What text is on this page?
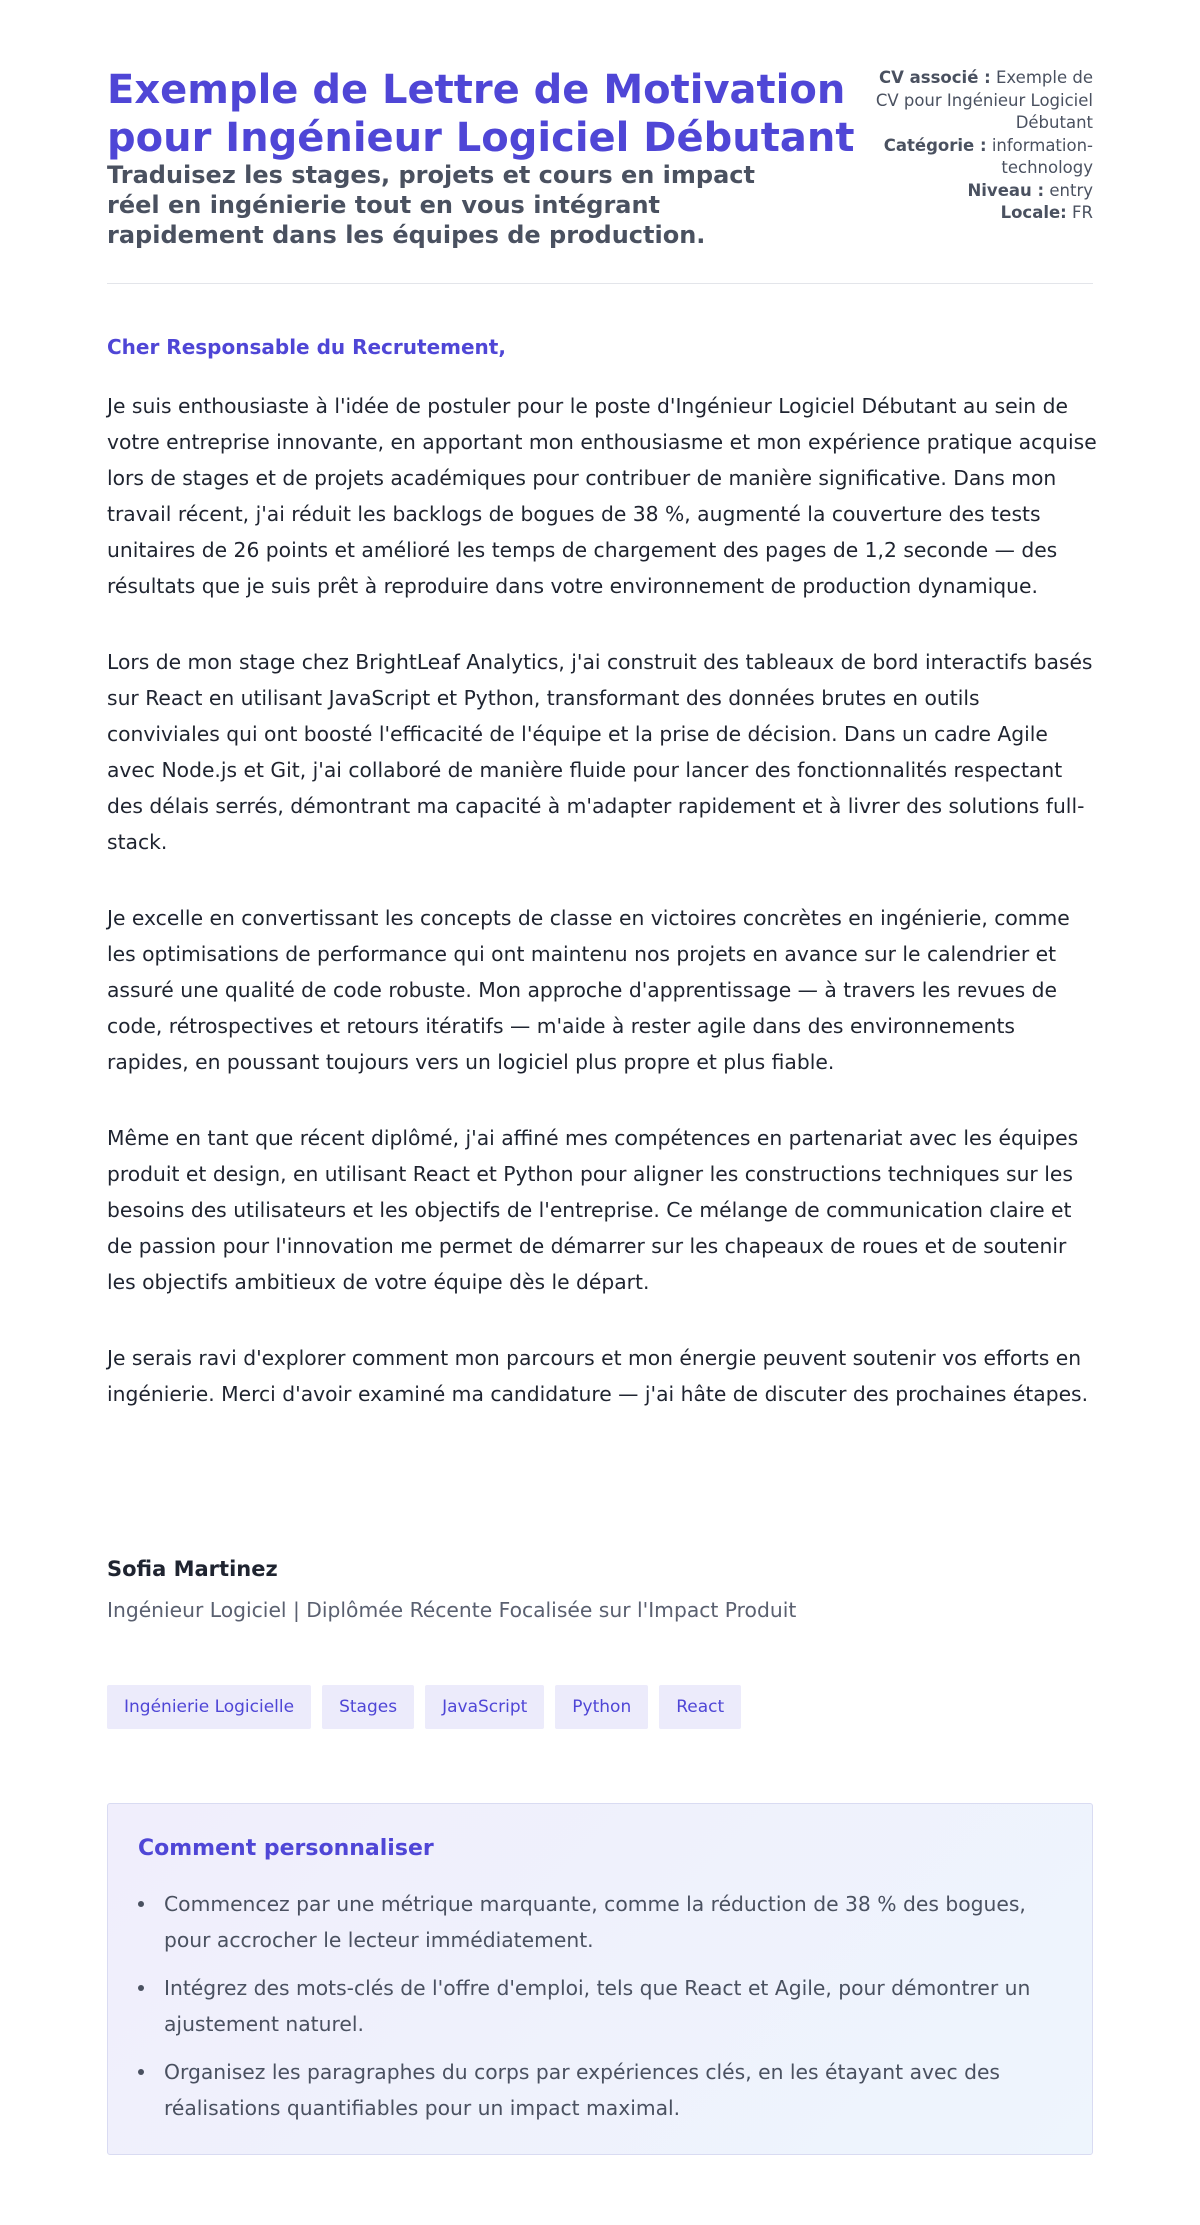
Exemple de Lettre de Motivation pour Ingénieur Logiciel Débutant
Traduisez les stages, projets et cours en impact réel en ingénierie tout en vous intégrant rapidement dans les équipes de production.

CV associé : Exemple de CV pour Ingénieur Logiciel Débutant

Catégorie : information-technology

Niveau : entry

Locale: FR

Cher Responsable du Recrutement,

Je suis enthousiaste à l'idée de postuler pour le poste d'Ingénieur Logiciel Débutant au sein de votre entreprise innovante, en apportant mon enthousiasme et mon expérience pratique acquise lors de stages et de projets académiques pour contribuer de manière significative. Dans mon travail récent, j'ai réduit les backlogs de bogues de 38 %, augmenté la couverture des tests unitaires de 26 points et amélioré les temps de chargement des pages de 1,2 seconde — des résultats que je suis prêt à reproduire dans votre environnement de production dynamique.

Lors de mon stage chez BrightLeaf Analytics, j'ai construit des tableaux de bord interactifs basés sur React en utilisant JavaScript et Python, transformant des données brutes en outils conviviales qui ont boosté l'efficacité de l'équipe et la prise de décision. Dans un cadre Agile avec Node.js et Git, j'ai collaboré de manière fluide pour lancer des fonctionnalités respectant des délais serrés, démontrant ma capacité à m'adapter rapidement et à livrer des solutions full-stack.

Je excelle en convertissant les concepts de classe en victoires concrètes en ingénierie, comme les optimisations de performance qui ont maintenu nos projets en avance sur le calendrier et assuré une qualité de code robuste. Mon approche d'apprentissage — à travers les revues de code, rétrospectives et retours itératifs — m'aide à rester agile dans des environnements rapides, en poussant toujours vers un logiciel plus propre et plus fiable.

Même en tant que récent diplômé, j'ai affiné mes compétences en partenariat avec les équipes produit et design, en utilisant React et Python pour aligner les constructions techniques sur les besoins des utilisateurs et les objectifs de l'entreprise. Ce mélange de communication claire et de passion pour l'innovation me permet de démarrer sur les chapeaux de roues et de soutenir les objectifs ambitieux de votre équipe dès le départ.

Je serais ravi d'explorer comment mon parcours et mon énergie peuvent soutenir vos efforts en ingénierie. Merci d'avoir examiné ma candidature — j'ai hâte de discuter des prochaines étapes.

Sofia Martinez

Ingénieur Logiciel | Diplômée Récente Focalisée sur l'Impact Produit

Ingénierie Logicielle	Stages	JavaScript	Python	React
Comment personnaliser
Commencez par une métrique marquante, comme la réduction de 38 % des bogues, pour accrocher le lecteur immédiatement.
Intégrez des mots-clés de l'offre d'emploi, tels que React et Agile, pour démontrer un ajustement naturel.
Organisez les paragraphes du corps par expériences clés, en les étayant avec des réalisations quantifiables pour un impact maximal.
